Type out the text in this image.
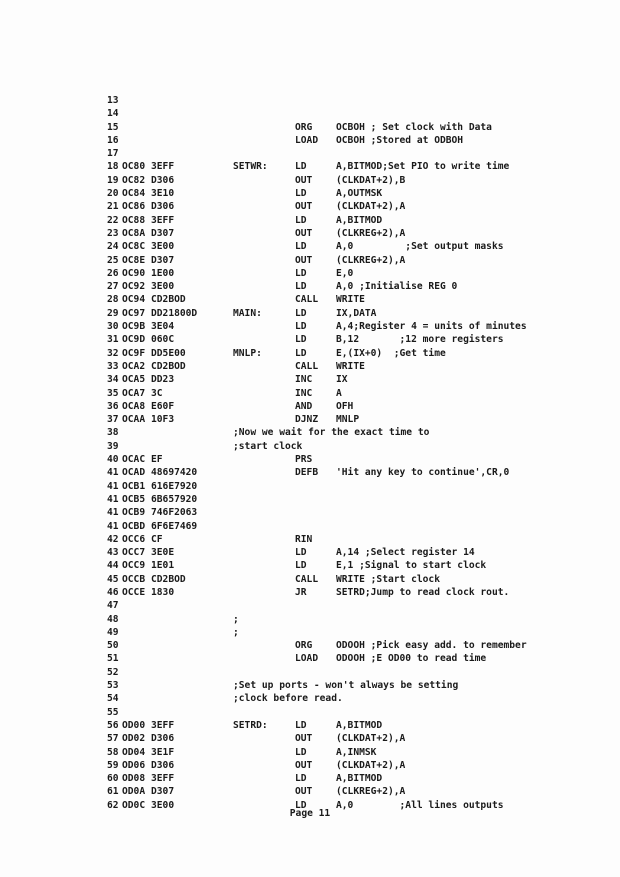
13
14
15	ORG OCBOH ; Set clock with Data
16	LOAD OCBOH ;Stored at ODBOH
17
18 OC80 3EFF	SETWR:	LD	A,BITMOD;Set PIO to write time
19 OC82 D306	OUT (CLKDAT+2),B
20 OC84 3E10	LD	A,OUTMSK
21 OC86 D306	OUT (CLKDAT+2),A
22 OC88 3EFF	LD	A,BITMOD
23 OC8A D307	OUT (CLKREG+2),A
24 OC8C 3E00	LD	A,0         ;Set output masks
25 OC8E D307	OUT (CLKREG+2),A
26 OC90 1E00	LD	E,0
27 OC92 3E00	LD	A,0 ;Initialise REG 0
28 OC94 CD2BOD	CALL WRITE
29 OC97 DD21800D	MAIN:	LD	IX,DATA
30 OC9B 3E04	LD	A,4;Register 4 = units of minutes
31 OC9D 060C	LD	B,12       ;12 more registers
32 OC9F DD5E00	MNLP:	LD	E,(IX+0)  ;Get time
33 OCA2 CD2BOD	CALL WRITE
34 OCA5 DD23	INC IX
35 OCA7 3C	INC A
36 OCA8 E60F	AND OFH
37 OCAA 10F3	DJNZ MNLP
38	;Now we wait for the exact time to
39	;start clock
40 OCAC EF	PRS
41 OCAD 48697420	DEFB 'Hit any key to continue',CR,0
41 OCB1 616E7920
41 OCB5 6B657920
41 OCB9 746F2063
41 OCBD 6F6E7469
42 OCC6 CF	RIN
43 OCC7 3E0E	LD	A,14 ;Select register 14
44 OCC9 1E01	LD	E,1 ;Signal to start clock
45 OCCB CD2BOD	CALL WRITE ;Start clock
46 OCCE 1830	JR	SETRD;Jump to read clock rout.
47
48	;
49	;
50	ORG ODOOH ;Pick easy add. to remember
51	LOAD ODOOH ;E OD00 to read time
52
53	;Set up ports - won't always be setting
54	;clock before read.
55
56 OD00 3EFF	SETRD:	LD	A,BITMOD
57 OD02 D306	OUT (CLKDAT+2),A
58 OD04 3E1F	LD	A,INMSK
59 OD06 D306	OUT (CLKDAT+2),A
60 OD08 3EFF	LD	A,BITMOD
61 OD0A D307	OUT (CLKREG+2),A
62 OD0C 3E00	LD	A,0        ;All lines outputs
Page 11
